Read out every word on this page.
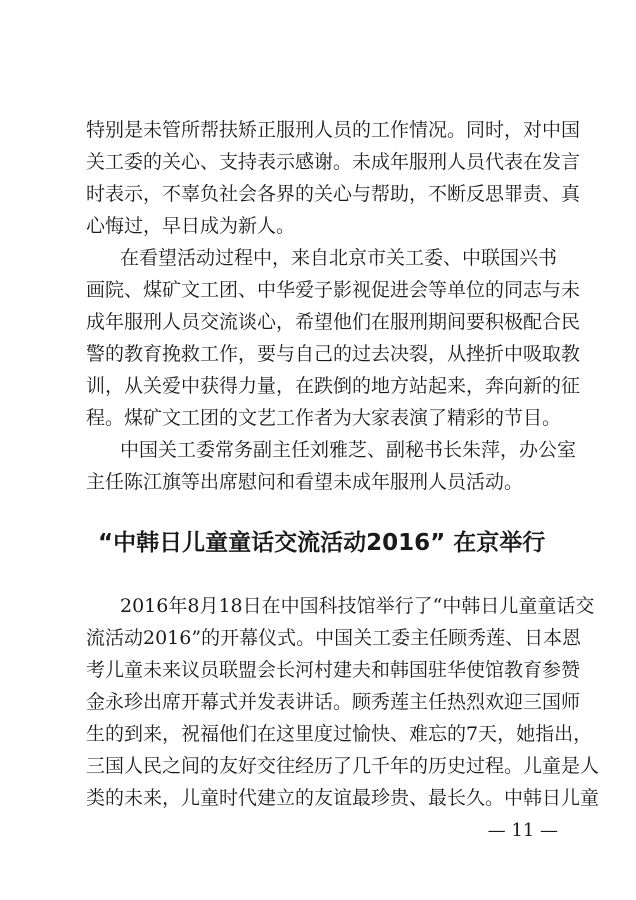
特别是未管所帮扶矫正服刑人员的工作情况。同时，对中国
关工委的关心、支持表示感谢。未成年服刑人员代表在发言
时表示，不辜负社会各界的关心与帮助，不断反思罪责、真
心悔过，早日成为新人。
在看望活动过程中，来自北京市关工委、中联国兴书
画院、煤矿文工团、中华爱子影视促进会等单位的同志与未
成年服刑人员交流谈心，希望他们在服刑期间要积极配合民
警的教育挽救工作，要与自己的过去决裂，从挫折中吸取教
训，从关爱中获得力量，在跌倒的地方站起来，奔向新的征
程。煤矿文工团的文艺工作者为大家表演了精彩的节目。
中国关工委常务副主任刘雅芝、副秘书长朱萍，办公室
主任陈江旗等出席慰问和看望未成年服刑人员活动。
“中韩日儿童童话交流活动2016” 在京举行
2016年8月18日在中国科技馆举行了“中韩日儿童童话交
流活动2016”的开幕仪式。中国关工委主任顾秀莲、日本恩
考儿童未来议员联盟会长河村建夫和韩国驻华使馆教育参赞
金永珍出席开幕式并发表讲话。顾秀莲主任热烈欢迎三国师
生的到来，祝福他们在这里度过愉快、难忘的7天，她指出，
三国人民之间的友好交往经历了几千年的历史过程。儿童是人
类的未来，儿童时代建立的友谊最珍贵、最长久。中韩日儿童
— 11 —
